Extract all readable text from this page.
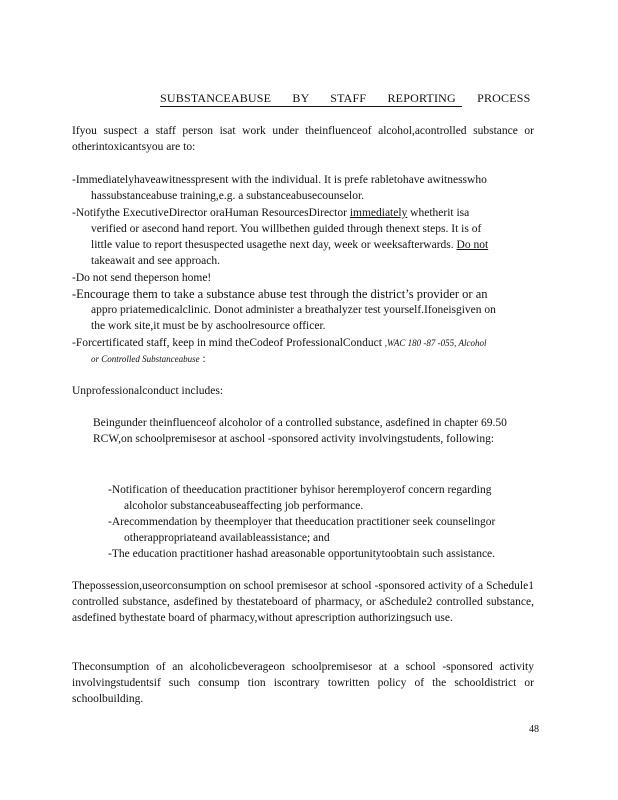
SUBSTANCEABUSE BY STAFF REPORTING PROCESS
Ifyou suspect a staff person isat work under theinfluenceof alcohol,acontrolled substance or otherintoxicantsyou are to:
-Immediatelyhaveawitnesspresent with the individual. It is prefe rabletohave awitnesswho
hassubstanceabuse training,e.g. a substanceabusecounselor.
-Notifythe ExecutiveDirector oraHuman ResourcesDirector immediately whetherit isa
verified or asecond hand report. You willbethen guided through thenext steps. It is of
little value to report thesuspected usagethe next day, week or weeksafterwards. Do not
takeawait and see approach.
-Do not send theperson home!
-Encourage them to take a substance abuse test through the district’s provider or an
appro priatemedicalclinic. Donot administer a breathalyzer test yourself.Ifoneisgiven on
the work site,it must be by aschoolresource officer.
-Forcertificated staff, keep in mind theCodeof ProfessionalConduct ,WAC 180 -87 -055, Alcohol
or Controlled Substanceabuse :
Unprofessionalconduct includes:
Beingunder theinfluenceof alcoholor of a controlled substance, asdefined in chapter 69.50 RCW,on schoolpremisesor at aschool -sponsored activity involvingstudents, following:
-Notification of theeducation practitioner byhisor heremployerof concern regarding
alcoholor substanceabuseaffecting job performance.
-Arecommendation by theemployer that theeducation practitioner seek counselingor
otherappropriateand availableassistance; and
-The education practitioner hashad areasonable opportunitytoobtain such assistance.
Thepossession,useorconsumption on school premisesor at school -sponsored activity of a Schedule1 controlled substance, asdefined by thestateboard of pharmacy, or aSchedule2 controlled substance, asdefined bythestate board of pharmacy,without aprescription authorizingsuch use.
Theconsumption of an alcoholicbeverageon schoolpremisesor at a school -sponsored activity involvingstudentsif such consump tion iscontrary towritten policy of the schooldistrict or schoolbuilding.
48
